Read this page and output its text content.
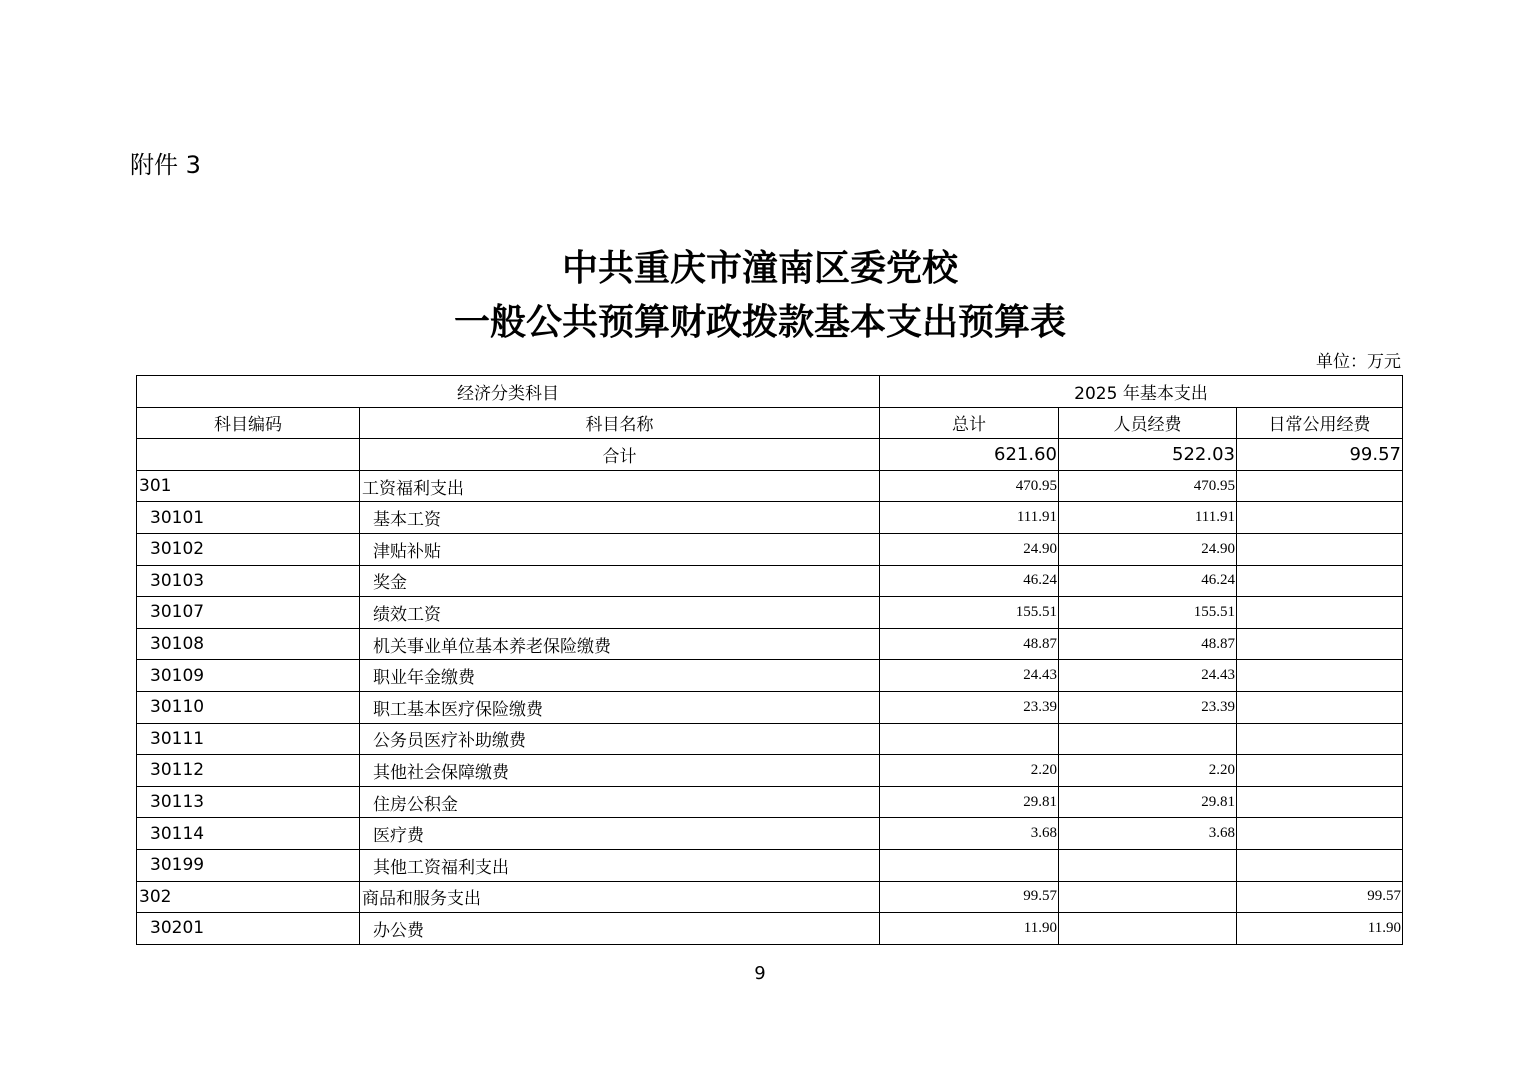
附件 3
中共重庆市潼南区委党校
一般公共预算财政拨款基本支出预算表
单位：万元
经济分类科目		2025 年基本支出		
科目编码	科目名称	总计	人员经费	日常公用经费
	合计	621.60	522.03	99.57
301	工资福利支出	470.95	470.95	
30101	基本工资	111.91	111.91	
30102	津贴补贴	24.90	24.90	
30103	奖金	46.24	46.24	
30107	绩效工资	155.51	155.51	
30108	机关事业单位基本养老保险缴费	48.87	48.87	
30109	职业年金缴费	24.43	24.43	
30110	职工基本医疗保险缴费	23.39	23.39	
30111	公务员医疗补助缴费			
30112	其他社会保障缴费	2.20	2.20	
30113	住房公积金	29.81	29.81	
30114	医疗费	3.68	3.68	
30199	其他工资福利支出			
302	商品和服务支出	99.57		99.57
30201	办公费	11.90		11.90
9
